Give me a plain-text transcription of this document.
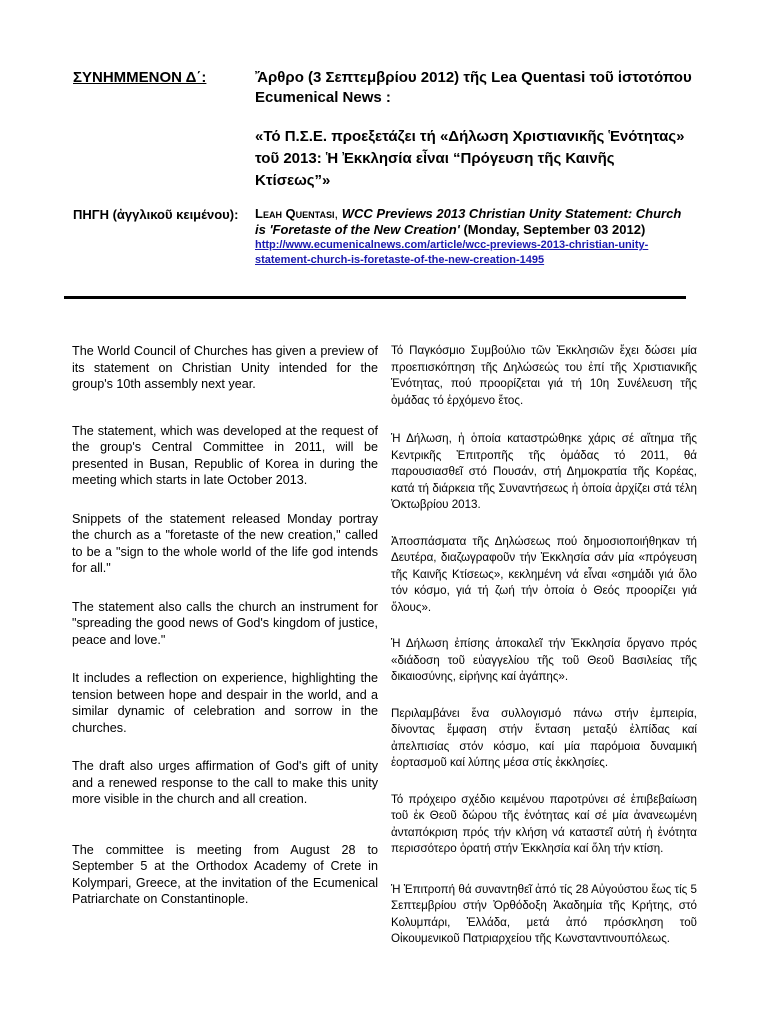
ΣΥΝΗΜΜΕΝΟΝ Δ΄:	Ἄρθρο (3 Σεπτεμβρίου 2012) τῆς Lea Quentasi τοῦ ἱστοτόπου Ecumenical News :
«Τό Π.Σ.Ε. προεξετάζει τή «Δήλωση Χριστιανικῆς Ἑνότητας» τοῦ 2013: Ἡ Ἐκκλησία εἶναι “Πρόγευση τῆς Καινῆς Κτίσεως”»
ΠΗΓΗ (ἀγγλικοῦ κειμένου):	Leah Quentasi, WCC Previews 2013 Christian Unity Statement: Church is 'Foretaste of the New Creation' (Monday, September 03 2012)
http://www.ecumenicalnews.com/article/wcc-previews-2013-christian-unity-
statement-church-is-foretaste-of-the-new-creation-1495

The World Council of Churches has given a preview of its statement on Christian Unity intended for the group's 10th assembly next year.

The statement, which was developed at the request of the group's Central Committee in 2011, will be presented in Busan, Republic of Korea in during the meeting which starts in late October 2013.

Snippets of the statement released Monday portray the church as a "foretaste of the new creation," called to be a "sign to the whole world of the life god intends for all."

The statement also calls the church an instrument for "spreading the good news of God's kingdom of justice, peace and love."

It includes a reflection on experience, highlighting the tension between hope and despair in the world, and a similar dynamic of celebration and sorrow in the churches.

The draft also urges affirmation of God's gift of unity and a renewed response to the call to make this unity more visible in the church and all creation.

The committee is meeting from August 28 to September 5 at the Orthodox Academy of Crete in Kolympari, Greece, at the invitation of the Ecumenical Patriarchate on Constantinople.

Τό Παγκόσμιο Συμβούλιο τῶν Ἐκκλησιῶν ἔχει δώσει μία προεπισκόπηση τῆς Δηλώσεώς του ἐπί τῆς Χριστιανικῆς Ἑνότητας, πού προορίζεται γιά τή 10η Συνέλευση τῆς ὁμάδας τό ἐρχόμενο ἔτος.

Ἡ Δήλωση, ἡ ὁποία καταστρώθηκε χάρις σέ αἴτημα τῆς Κεντρικῆς Ἐπιτροπῆς τῆς ὁμάδας τό 2011, θά παρουσιασθεῖ στό Πουσάν, στή Δημοκρατία τῆς Κορέας, κατά τή διάρκεια τῆς Συναντήσεως ἡ ὁποία ἀρχίζει στά τέλη Ὀκτωβρίου 2013.

Ἀποσπάσματα τῆς Δηλώσεως πού δημοσιοποιήθηκαν τή Δευτέρα, διαζωγραφοῦν τήν Ἐκκλησία σάν μία «πρόγευση τῆς Καινῆς Κτίσεως», κεκλημένη νά εἶναι «σημάδι γιά ὅλο τόν κόσμο, γιά τή ζωή τήν ὁποία ὁ Θεός προορίζει γιά ὅλους».

Ἡ Δήλωση ἐπίσης ἀποκαλεῖ τήν Ἐκκλησία ὄργανο πρός «διάδοση τοῦ εὐαγγελίου τῆς τοῦ Θεοῦ Βασιλείας τῆς δικαιοσύνης, εἰρήνης καί ἀγάπης».

Περιλαμβάνει ἕνα συλλογισμό πάνω στήν ἐμπειρία, δίνοντας ἔμφαση στήν ἔνταση μεταξύ ἐλπίδας καί ἀπελπισίας στόν κόσμο, καί μία παρόμοια δυναμική ἑορτασμοῦ καί λύπης μέσα στίς ἐκκλησίες.

Τό πρόχειρο σχέδιο κειμένου παροτρύνει σέ ἐπιβεβαίωση τοῦ ἐκ Θεοῦ δώρου τῆς ἑνότητας καί σέ μία ἀνανεωμένη ἀνταπόκριση πρός τήν κλήση νά καταστεῖ αὐτή ἡ ἑνότητα περισσότερο ὁρατή στήν Ἐκκλησία καί ὅλη τήν κτίση.

Ἡ Ἐπιτροπή θά συναντηθεῖ ἀπό τίς 28 Αὐγούστου ἕως τίς 5 Σεπτεμβρίου στήν Ὀρθόδοξη Ἀκαδημία τῆς Κρήτης, στό Κολυμπάρι, Ἑλλάδα, μετά ἀπό πρόσκληση τοῦ Οἰκουμενικοῦ Πατριαρχείου τῆς Κωνσταντινουπόλεως.
